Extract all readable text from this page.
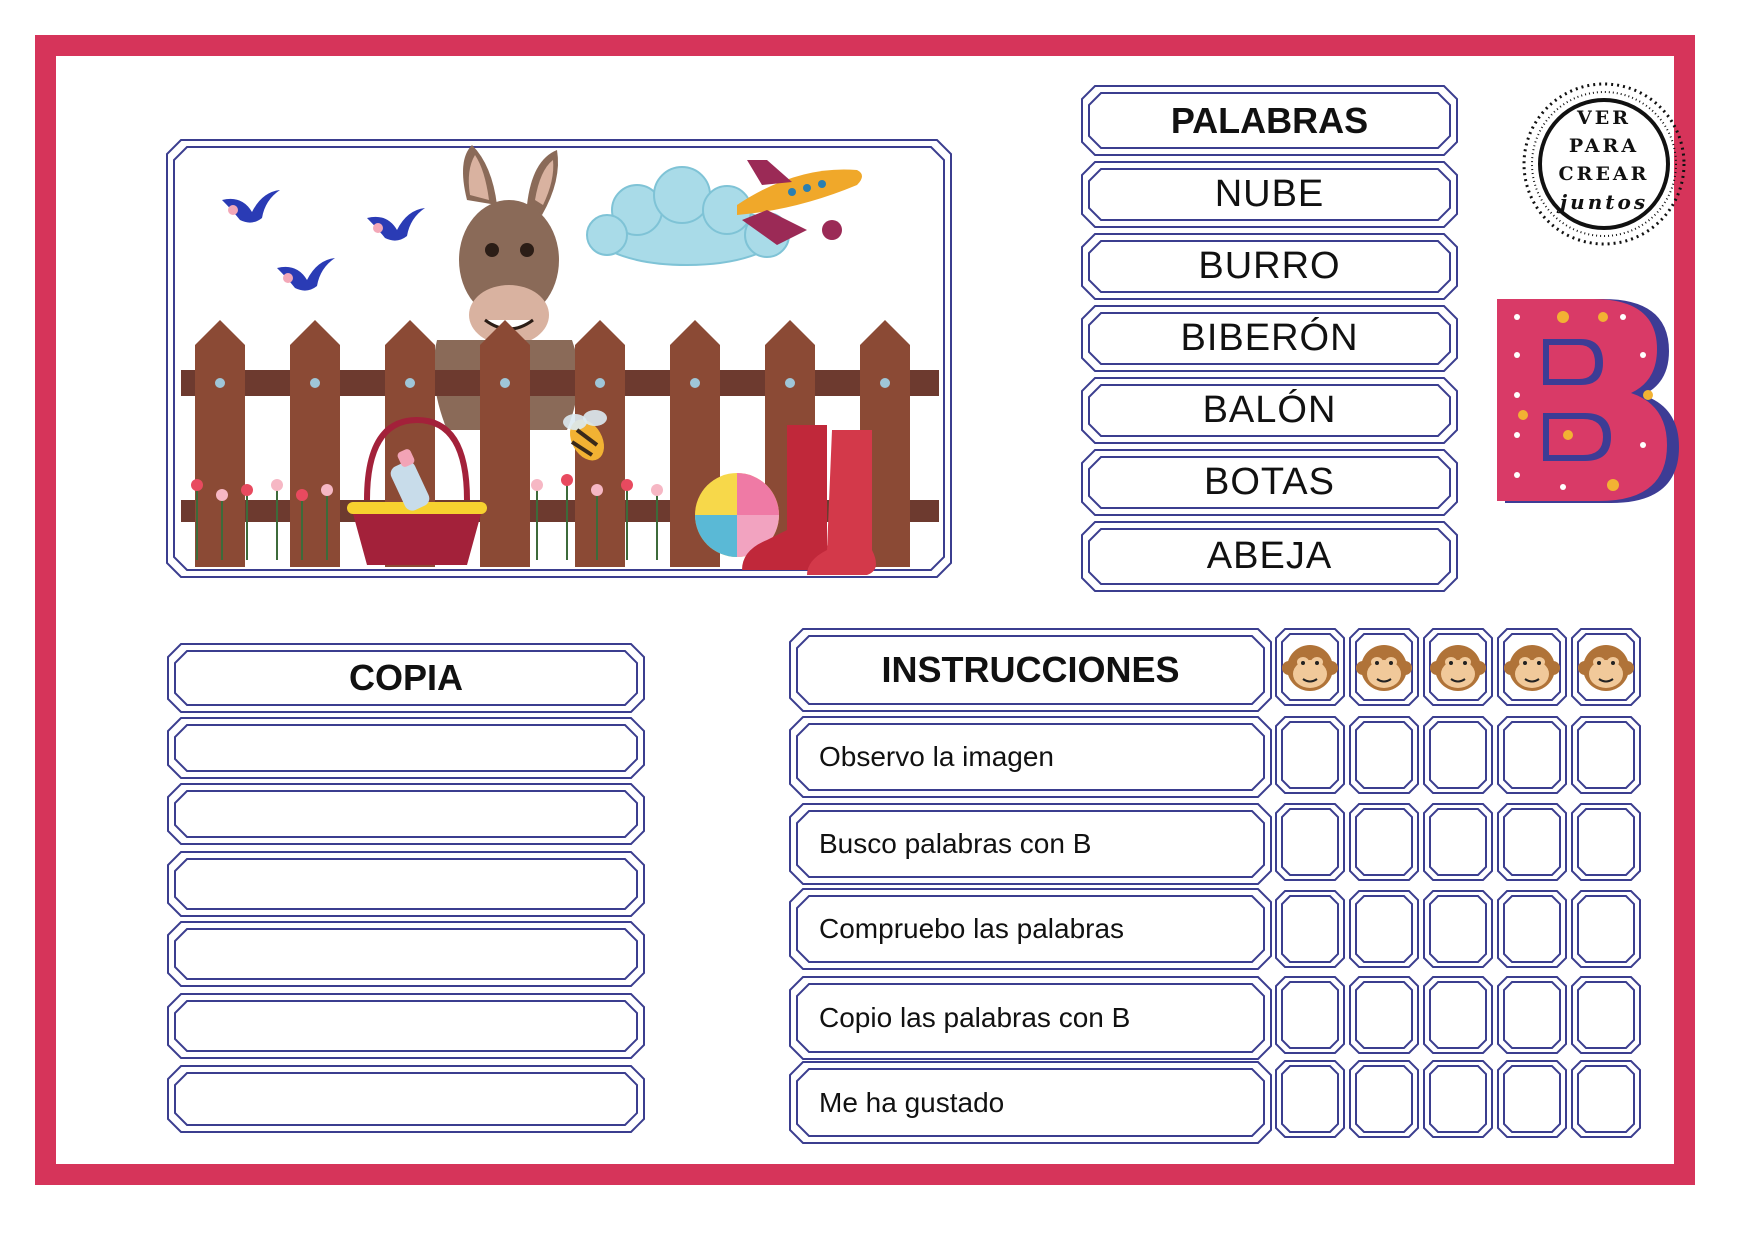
PALABRAS
NUBE
BURRO
BIBERÓN
BALÓN
BOTAS
ABEJA
VER
PARA
CREAR
juntos
COPIA	INSTRUCCIONES
Observo la imagen
Busco palabras con B
Compruebo las palabras
Copio las palabras con B
Me ha gustado
